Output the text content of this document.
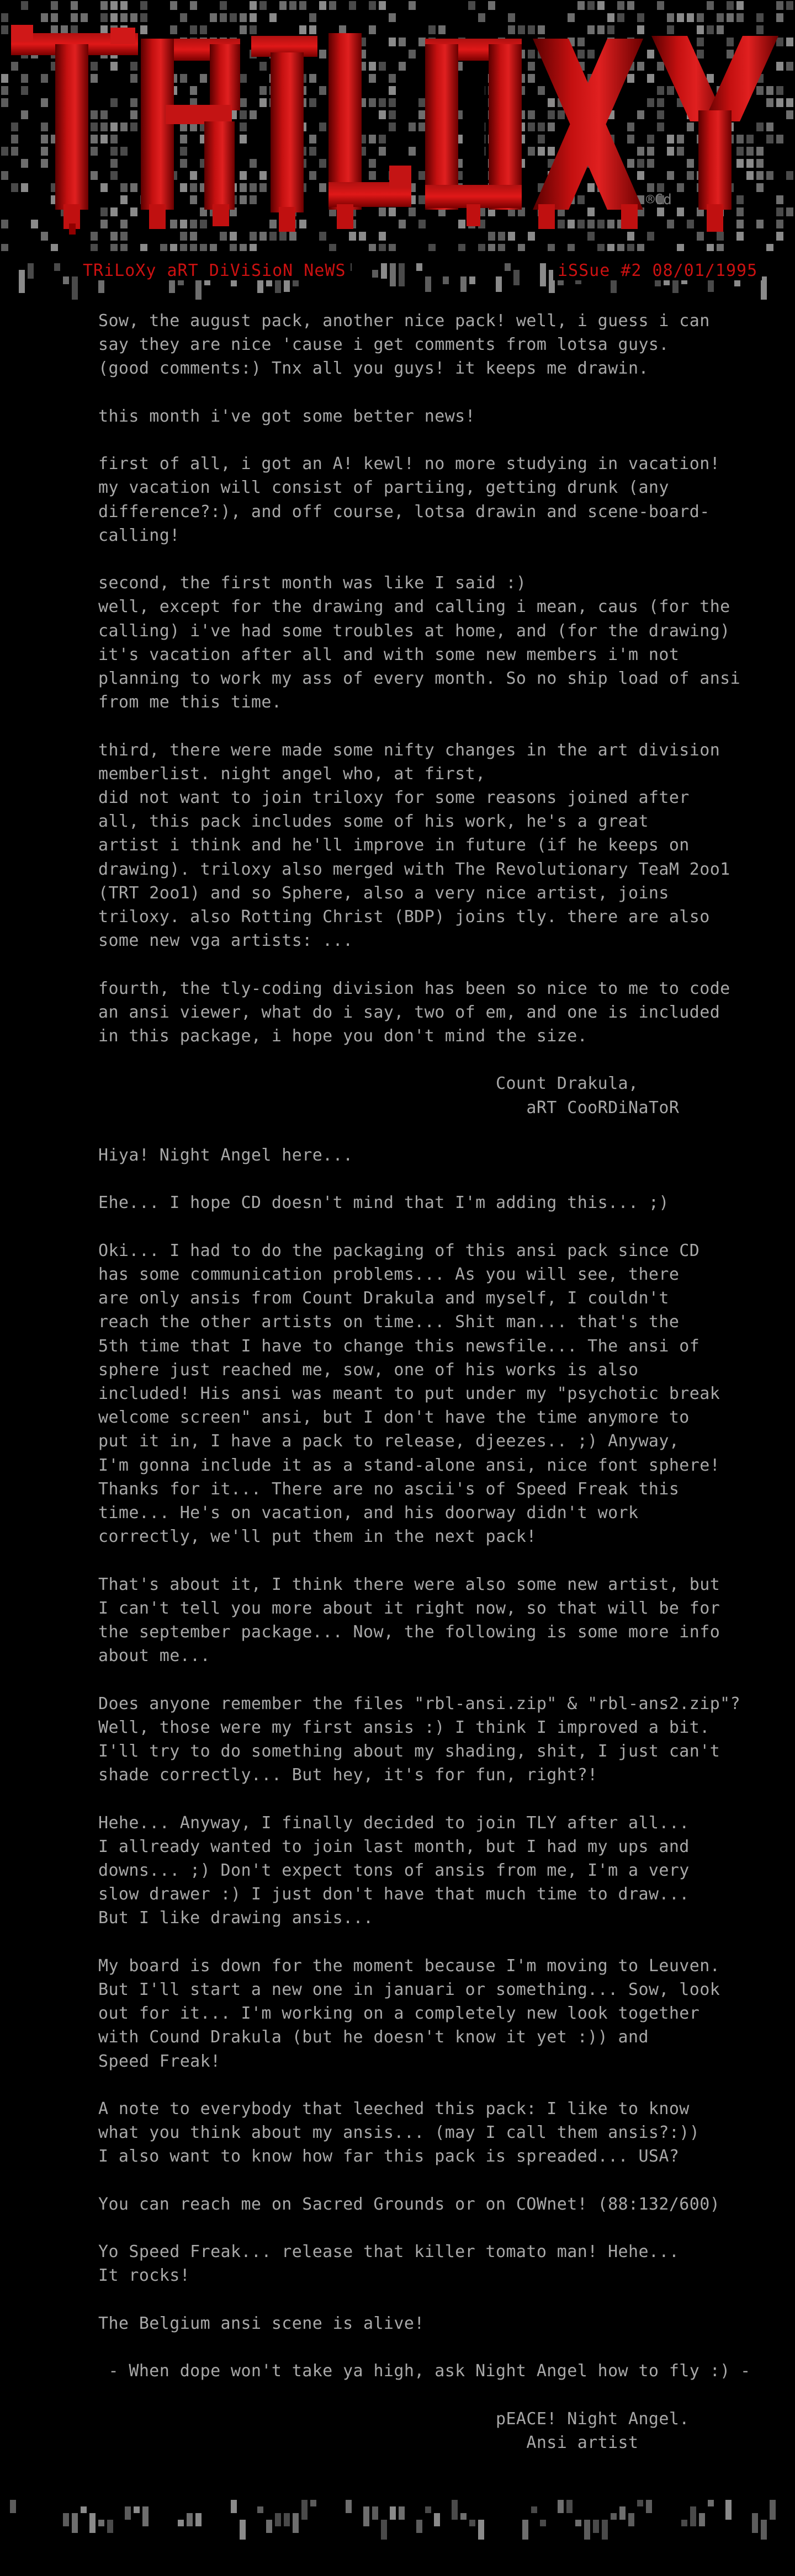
®Cd
TRiLoXy aRT DiViSioN NeWS	iSSue #2 08/01/1995
Sow, the august pack, another nice pack! well, i guess i can
say they are nice 'cause i get comments from lotsa guys.
(good comments:) Tnx all you guys! it keeps me drawin.
this month i've got some better news!
first of all, i got an A! kewl! no more studying in vacation!
my vacation will consist of partiing, getting drunk (any
difference?:), and off course, lotsa drawin and scene-board-
calling!
second, the first month was like I said :)
well, except for the drawing and calling i mean, caus (for the
calling) i've had some troubles at home, and (for the drawing)
it's vacation after all and with some new members i'm not
planning to work my ass of every month. So no ship load of ansi
from me this time.
third, there were made some nifty changes in the art division
memberlist. night angel who, at first,
did not want to join triloxy for some reasons joined after
all, this pack includes some of his work, he's a great
artist i think and he'll improve in future (if he keeps on
drawing). triloxy also merged with The Revolutionary TeaM 2oo1
(TRT 2oo1) and so Sphere, also a very nice artist, joins
triloxy. also Rotting Christ (BDP) joins tly. there are also
some new vga artists: ...
fourth, the tly-coding division has been so nice to me to code
an ansi viewer, what do i say, two of em, and one is included
in this package, i hope you don't mind the size.
Count Drakula,
aRT CooRDiNaToR
Hiya! Night Angel here...
Ehe... I hope CD doesn't mind that I'm adding this... ;)
Oki... I had to do the packaging of this ansi pack since CD
has some communication problems... As you will see, there
are only ansis from Count Drakula and myself, I couldn't
reach the other artists on time... Shit man... that's the
5th time that I have to change this newsfile... The ansi of
sphere just reached me, sow, one of his works is also
included! His ansi was meant to put under my "psychotic break
welcome screen" ansi, but I don't have the time anymore to
put it in, I have a pack to release, djeezes.. ;) Anyway,
I'm gonna include it as a stand-alone ansi, nice font sphere!
Thanks for it... There are no ascii's of Speed Freak this
time... He's on vacation, and his doorway didn't work
correctly, we'll put them in the next pack!
That's about it, I think there were also some new artist, but
I can't tell you more about it right now, so that will be for
the september package... Now, the following is some more info
about me...
Does anyone remember the files "rbl-ansi.zip" & "rbl-ans2.zip"?
Well, those were my first ansis :) I think I improved a bit.
I'll try to do something about my shading, shit, I just can't
shade correctly... But hey, it's for fun, right?!
Hehe... Anyway, I finally decided to join TLY after all...
I allready wanted to join last month, but I had my ups and
downs... ;) Don't expect tons of ansis from me, I'm a very
slow drawer :) I just don't have that much time to draw...
But I like drawing ansis...
My board is down for the moment because I'm moving to Leuven.
But I'll start a new one in januari or something... Sow, look
out for it... I'm working on a completely new look together
with Cound Drakula (but he doesn't know it yet :)) and
Speed Freak!
A note to everybody that leeched this pack: I like to know
what you think about my ansis... (may I call them ansis?:))
I also want to know how far this pack is spreaded... USA?
You can reach me on Sacred Grounds or on COWnet! (88:132/600)
Yo Speed Freak... release that killer tomato man! Hehe...
It rocks!
The Belgium ansi scene is alive!
- When dope won't take ya high, ask Night Angel how to fly :) -
pEACE! Night Angel.
Ansi artist
